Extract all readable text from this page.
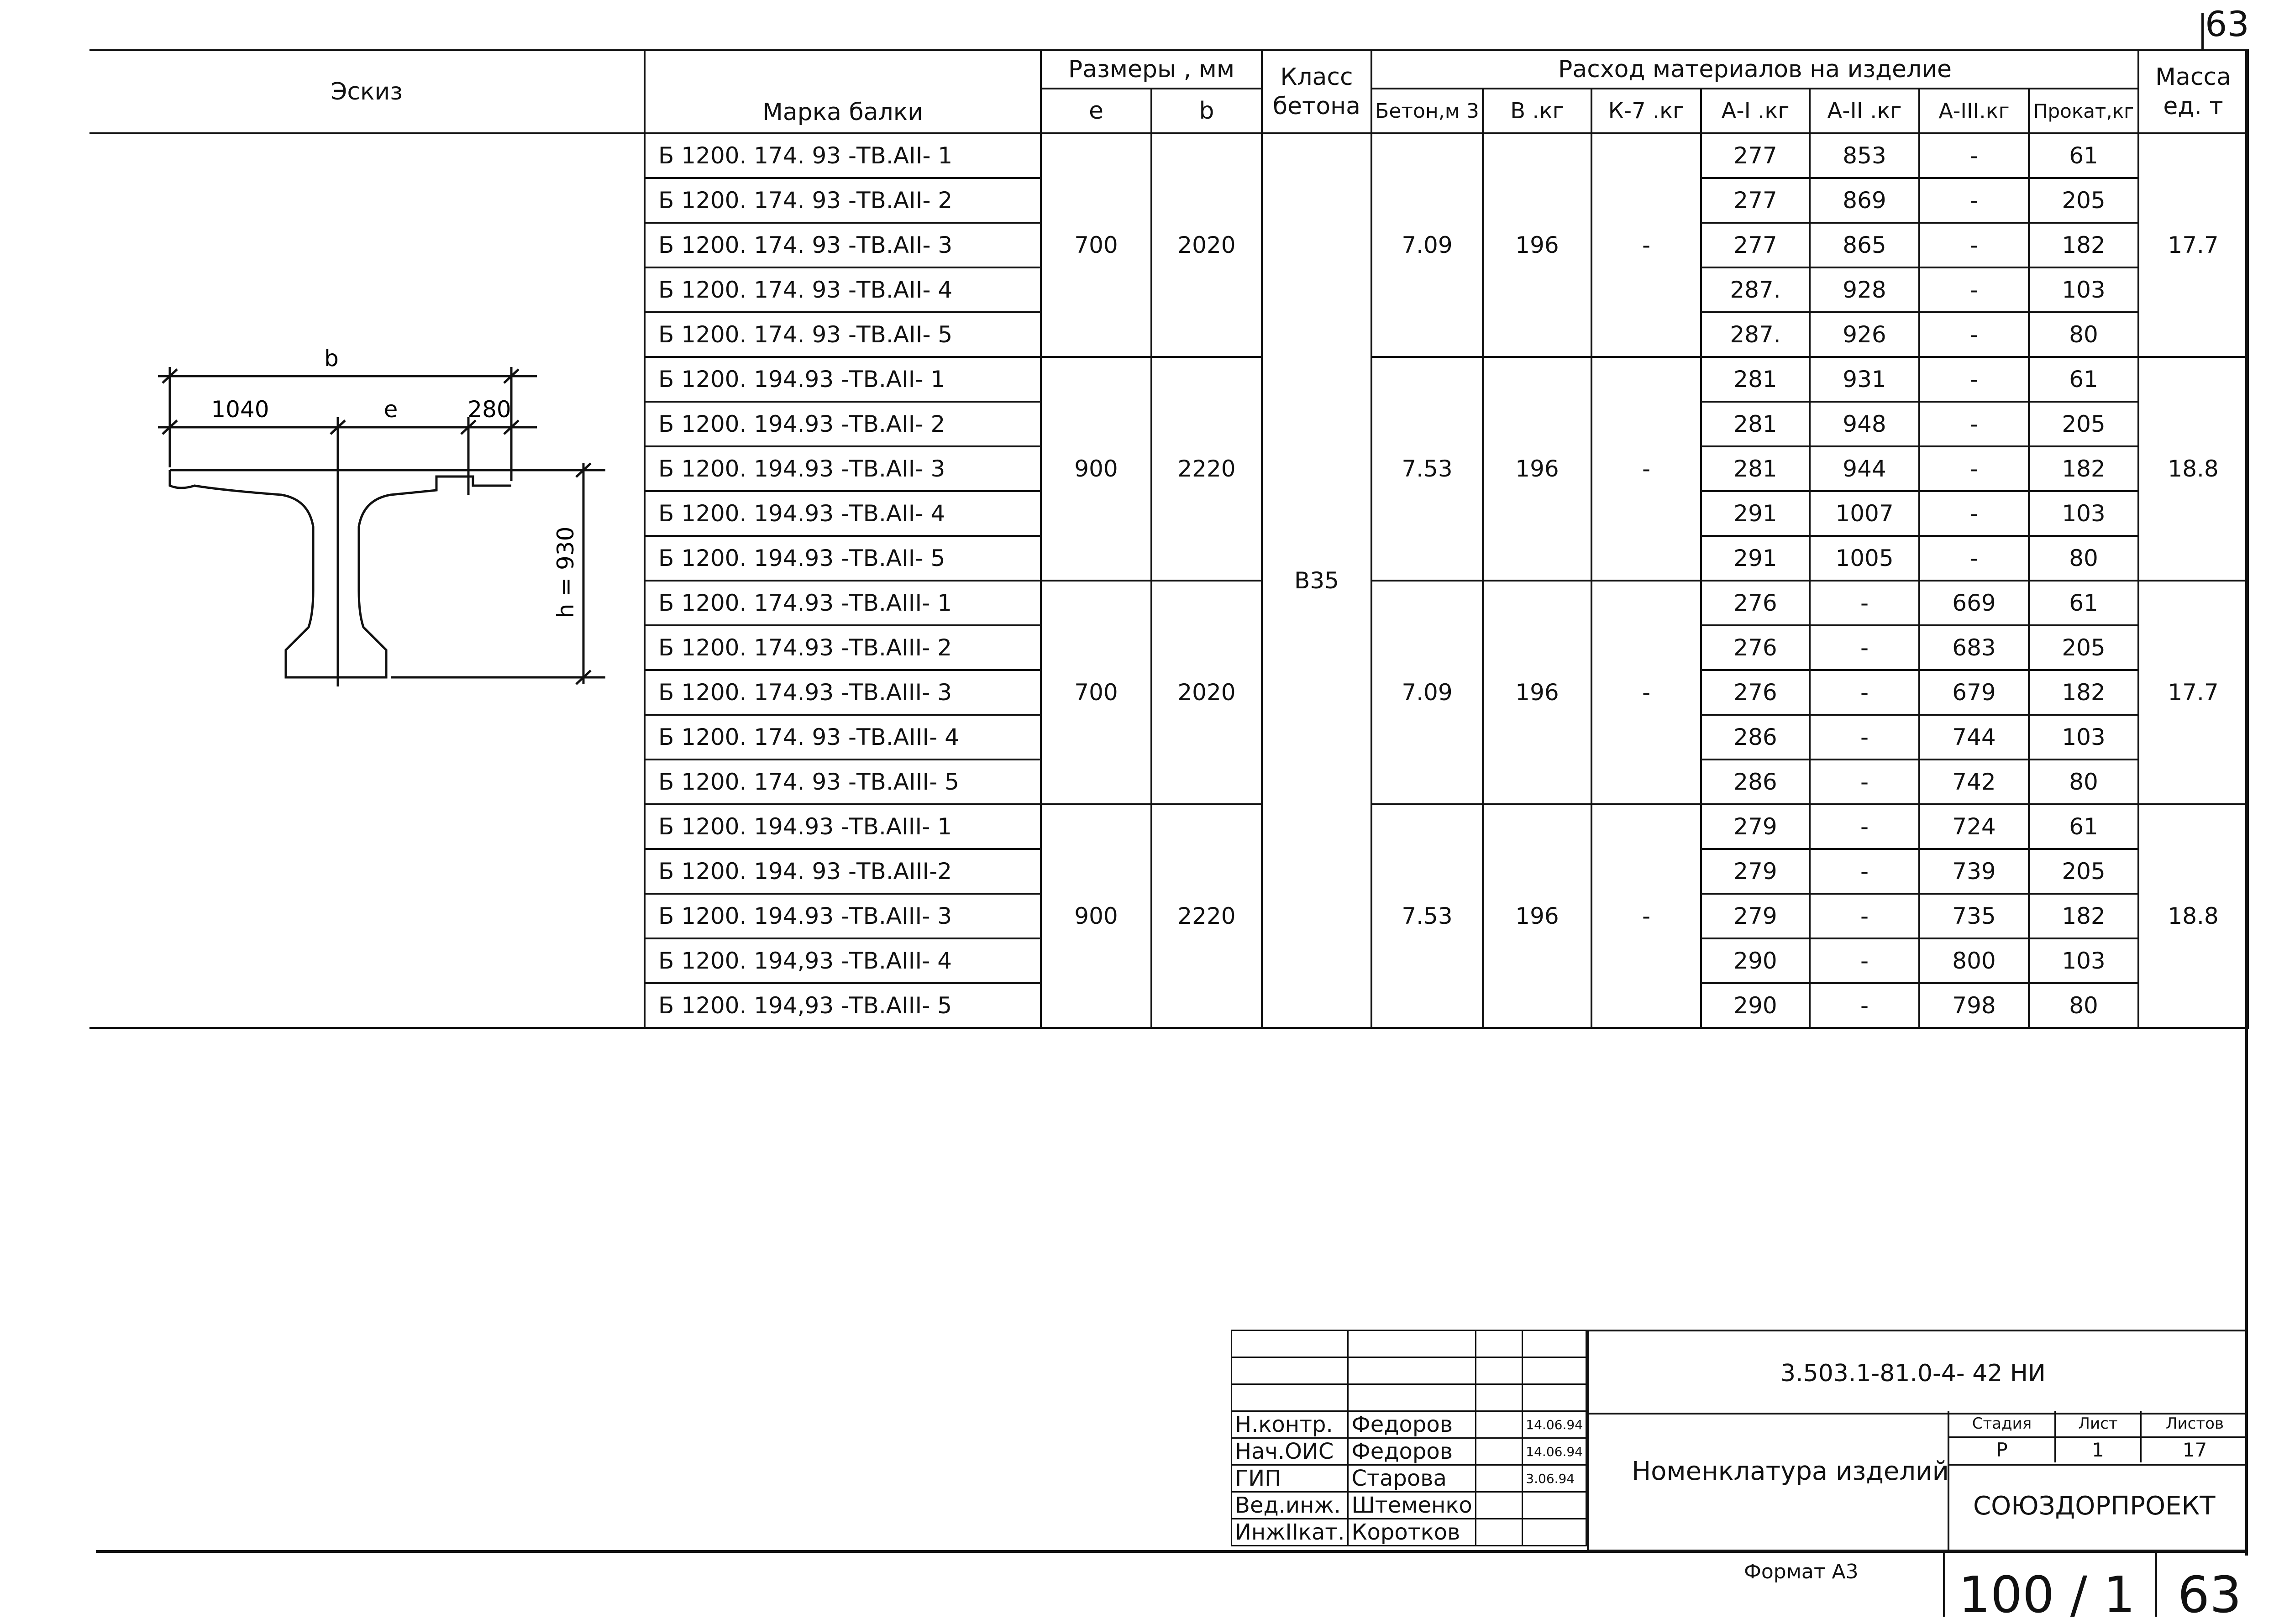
63
Эскиз	Марка балки	Размеры , мм		Класс бетона	Расход материалов на изделие							Масса ед. т
		e	b		Бетон,м 3	В .кг	К-7 .кг	А-I .кг	А-II .кг	А-III.кг	Прокат,кг	

b
1040 e 280
h = 930	Б 1200. 174. 93 -ТВ.АII- 1	700	2020	В35	7.09	196	-	277	853	-	61	17.7
	Б 1200. 174. 93 -ТВ.АII- 2							277	869	-	205	
	Б 1200. 174. 93 -ТВ.АII- 3							277	865	-	182	
	Б 1200. 174. 93 -ТВ.АII- 4							287.	928	-	103	
	Б 1200. 174. 93 -ТВ.АII- 5							287.	926	-	80	
	Б 1200. 194.93 -ТВ.АII- 1	900	2220		7.53	196	-	281	931	-	61	18.8
	Б 1200. 194.93 -ТВ.АII- 2							281	948	-	205	
	Б 1200. 194.93 -ТВ.АII- 3							281	944	-	182	
	Б 1200. 194.93 -ТВ.АII- 4							291	1007	-	103	
	Б 1200. 194.93 -ТВ.АII- 5							291	1005	-	80	
	Б 1200. 174.93 -ТВ.АIII- 1	700	2020		7.09	196	-	276	-	669	61	17.7
	Б 1200. 174.93 -ТВ.АIII- 2							276	-	683	205	
	Б 1200. 174.93 -ТВ.АIII- 3							276	-	679	182	
	Б 1200. 174. 93 -ТВ.АIII- 4							286	-	744	103	
	Б 1200. 174. 93 -ТВ.АIII- 5							286	-	742	80	
	Б 1200. 194.93 -ТВ.АIII- 1	900	2220		7.53	196	-	279	-	724	61	18.8
	Б 1200. 194. 93 -ТВ.АIII-2							279	-	739	205	
	Б 1200. 194.93 -ТВ.АIII- 3							279	-	735	182	
	Б 1200. 194,93 -ТВ.АIII- 4							290	-	800	103	
	Б 1200. 194,93 -ТВ.АIII- 5							290	-	798	80	

Н.контр.	Федоров		14.06.94
Нач.ОИС	Федоров		14.06.94
ГИП	Старова		3.06.94
Вед.инж.	Штеменко		
ИнжIIкат.	Коротков		
3.503.1-81.0-4- 42 НИ
Номенклатура изделий
Стадия	Лист	Листов
Р	1	17
СОЮЗДОРПРОЕКТ
Формат А3 100 / 1 63
